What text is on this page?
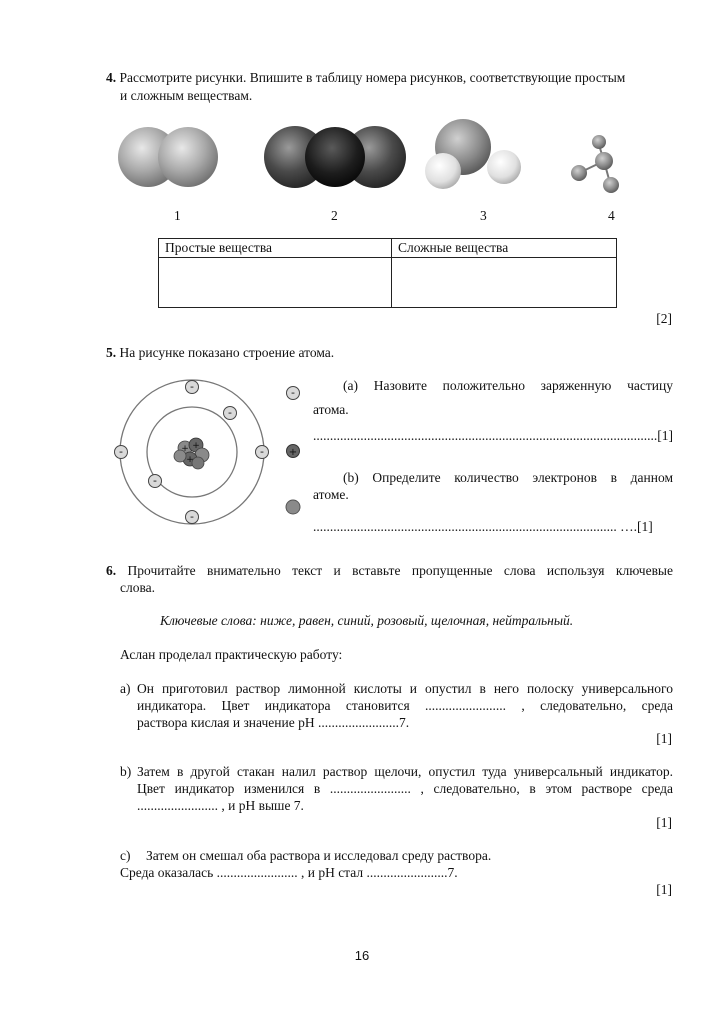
4. Рассмотрите рисунки. Впишите в таблицу номера рисунков, соответствующие простым
и сложным веществам.
1	2	3	4
Простые вещества	Сложные вещества

[2]
5. На рисунке показано строение атома.
+ +
+
-
-
-	-
-
-
-
+
(a) Назовите положительно заряженную частицу
атома.
......................................................................................................[1]
(b) Определите количество электронов в данном
атоме.
.......................................................................................... ….[1]
6. Прочитайте внимательно текст и вставьте пропущенные слова используя ключевые
слова.
Ключевые слова: ниже, равен, синий, розовый, щелочная, нейтральный.
Аслан проделал практическую работу:
a) Он приготовил раствор лимонной кислоты и опустил в него полоску универсального
индикатора. Цвет индикатора становится ........................ , следовательно, среда
раствора кислая и значение рН ........................7.
[1]
b) Затем в другой стакан налил раствор щелочи, опустил туда универсальный индикатор.
Цвет индикатор изменился в ........................ , следовательно, в этом растворе среда
........................ , и рН выше 7.
[1]
c) Затем он смешал оба раствора и исследовал среду раствора.
Среда оказалась ........................ , и рН стал ........................7.
[1]
16
